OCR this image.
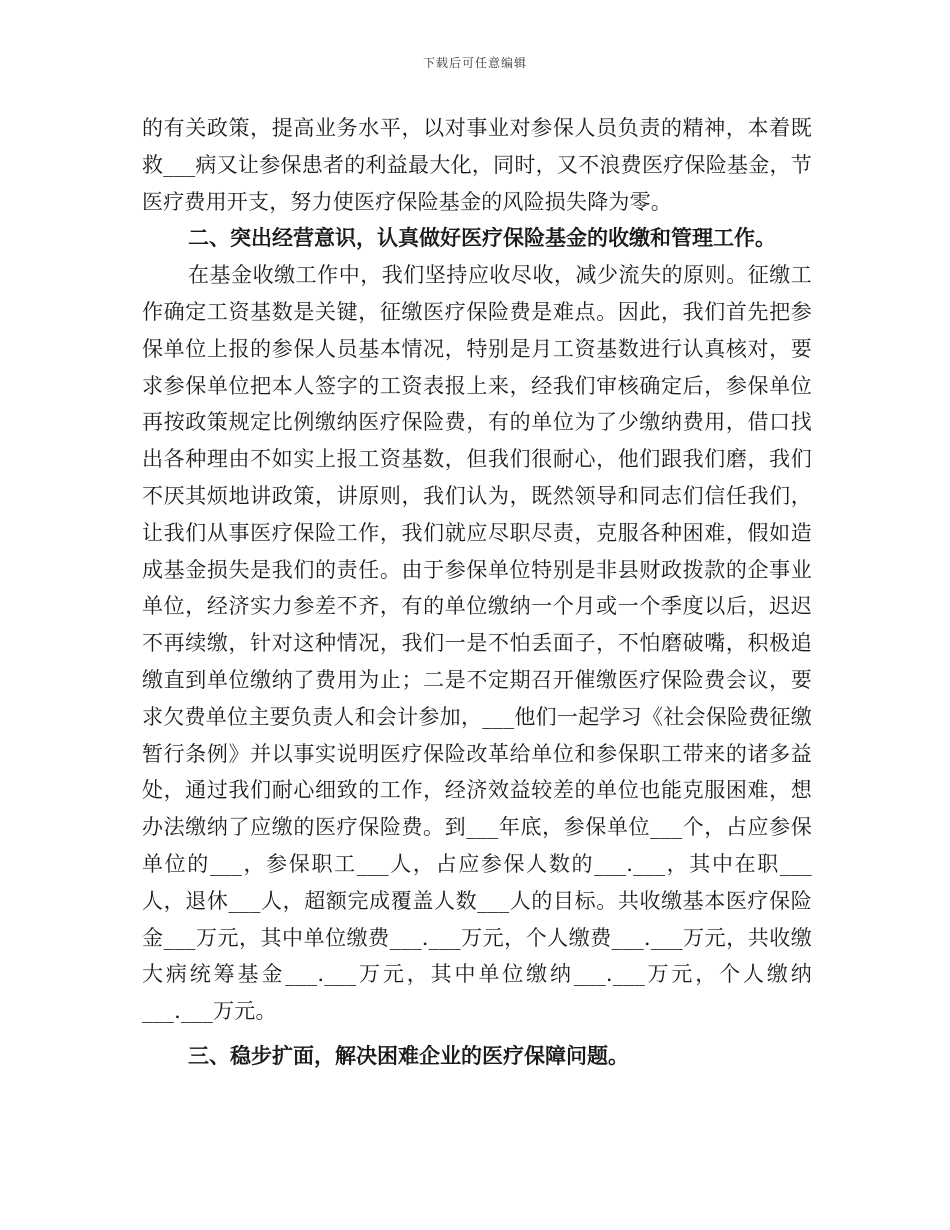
下载后可任意编辑

的有关政策，提高业务水平，以对事业对参保人员负责的精神，本着既救___病又让参保患者的利益最大化，同时，又不浪费医疗保险基金，节医疗费用开支，努力使医疗保险基金的风险损失降为零。

二、突出经营意识，认真做好医疗保险基金的收缴和管理工作。

在基金收缴工作中，我们坚持应收尽收，减少流失的原则。征缴工作确定工资基数是关键，征缴医疗保险费是难点。因此，我们首先把参保单位上报的参保人员基本情况，特别是月工资基数进行认真核对，要求参保单位把本人签字的工资表报上来，经我们审核确定后，参保单位再按政策规定比例缴纳医疗保险费，有的单位为了少缴纳费用，借口找出各种理由不如实上报工资基数，但我们很耐心，他们跟我们磨，我们不厌其烦地讲政策，讲原则，我们认为，既然领导和同志们信任我们，让我们从事医疗保险工作，我们就应尽职尽责，克服各种困难，假如造成基金损失是我们的责任。由于参保单位特别是非县财政拨款的企事业单位，经济实力参差不齐，有的单位缴纳一个月或一个季度以后，迟迟不再续缴，针对这种情况，我们一是不怕丢面子，不怕磨破嘴，积极追缴直到单位缴纳了费用为止；二是不定期召开催缴医疗保险费会议，要求欠费单位主要负责人和会计参加，___他们一起学习《社会保险费征缴暂行条例》并以事实说明医疗保险改革给单位和参保职工带来的诸多益处，通过我们耐心细致的工作，经济效益较差的单位也能克服困难，想办法缴纳了应缴的医疗保险费。到___年底，参保单位___个，占应参保单位的___，参保职工___人，占应参保人数的___.___，其中在职___人，退休___人，超额完成覆盖人数___人的目标。共收缴基本医疗保险金___万元，其中单位缴费___.___万元，个人缴费___.___万元，共收缴大病统筹基金___.___万元，其中单位缴纳___.___万元，个人缴纳___.___万元。

三、稳步扩面，解决困难企业的医疗保障问题。
